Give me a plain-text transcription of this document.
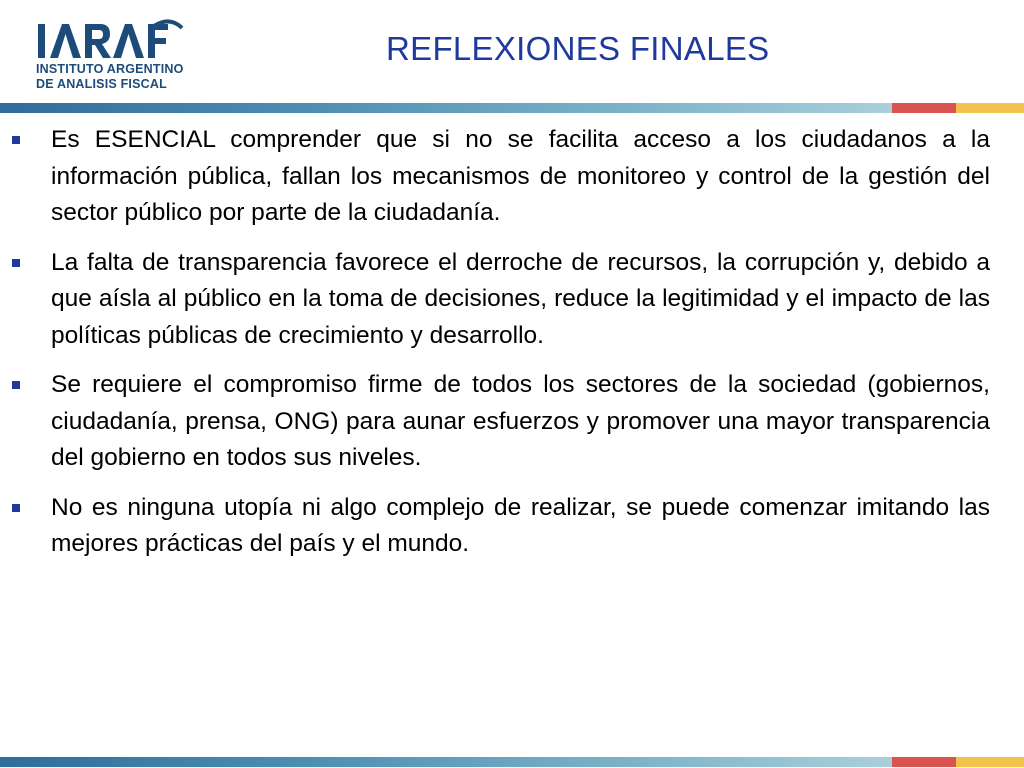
INSTITUTO ARGENTINO
DE ANALISIS FISCAL
REFLEXIONES FINALES
Es ESENCIAL comprender que si no se facilita acceso a los ciudadanos a la información pública, fallan los mecanismos de monitoreo y control de la gestión del sector público por parte de la ciudadanía.
La falta de transparencia favorece el derroche de recursos, la corrupción y, debido a que aísla al público en la toma de decisiones, reduce la legitimidad y el impacto de las políticas públicas de crecimiento y desarrollo.
Se requiere el compromiso firme de todos los sectores de la sociedad (gobiernos, ciudadanía, prensa, ONG) para aunar esfuerzos y promover una mayor transparencia del gobierno en todos sus niveles.
No es ninguna utopía ni algo complejo de realizar, se puede comenzar imitando las mejores prácticas del país y el mundo.
